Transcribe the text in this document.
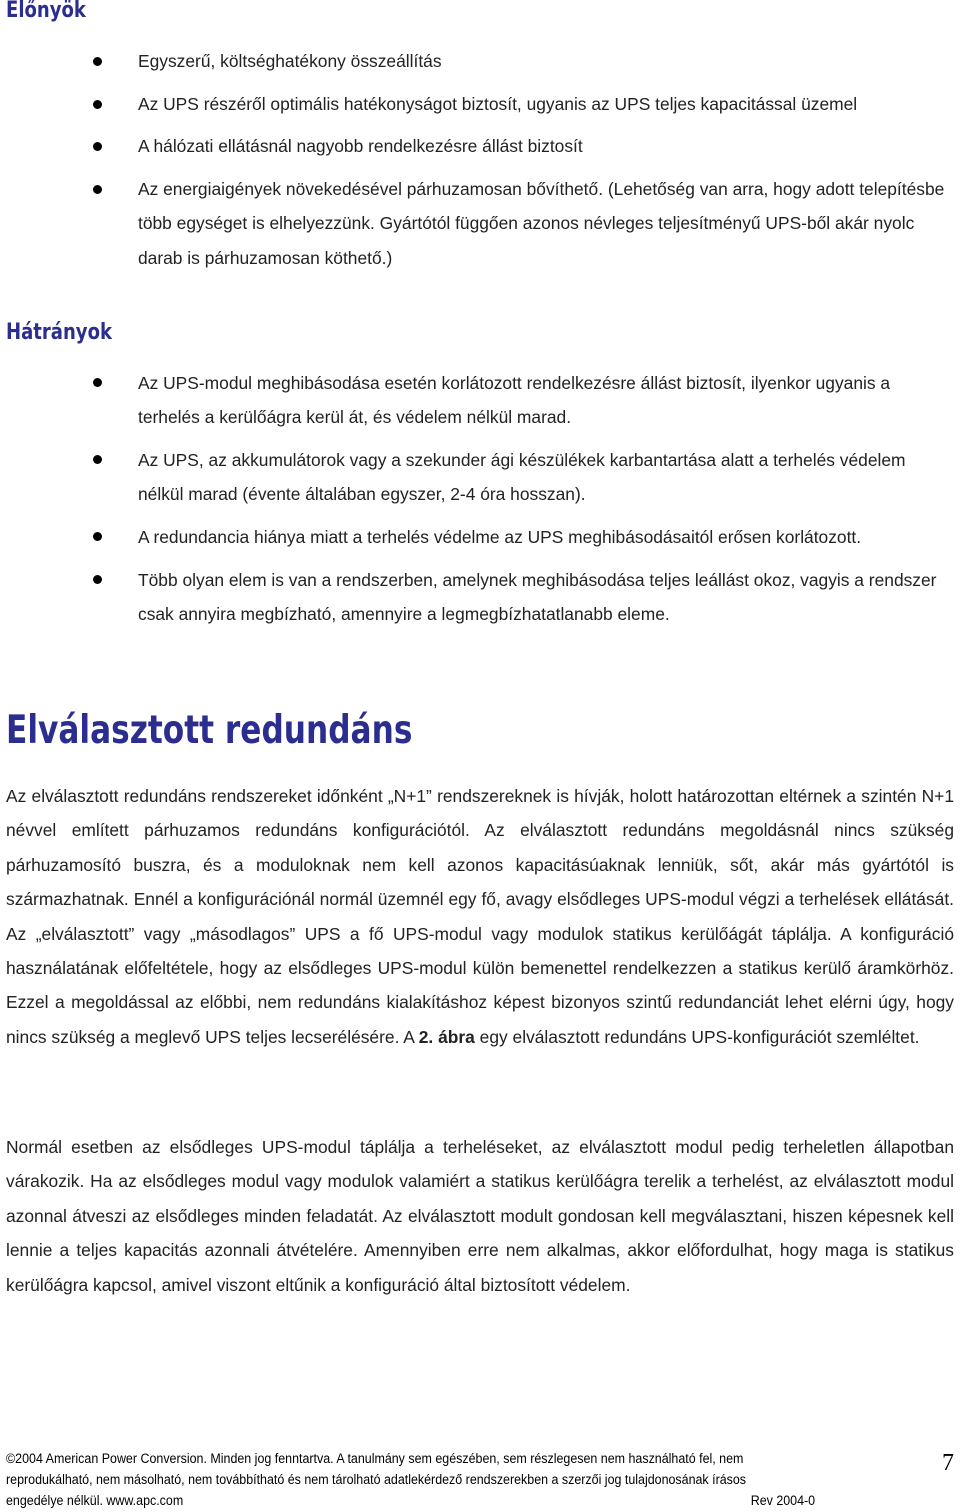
Előnyök
Egyszerű, költséghatékony összeállítás
Az UPS részéről optimális hatékonyságot biztosít, ugyanis az UPS teljes kapacitással üzemel
A hálózati ellátásnál nagyobb rendelkezésre állást biztosít
Az energiaigények növekedésével párhuzamosan bővíthető. (Lehetőség van arra, hogy adott telepítésbe több egységet is elhelyezzünk. Gyártótól függően azonos névleges teljesítményű UPS-ből akár nyolc darab is párhuzamosan köthető.)
Hátrányok
Az UPS-modul meghibásodása esetén korlátozott rendelkezésre állást biztosít, ilyenkor ugyanis a terhelés a kerülőágra kerül át, és védelem nélkül marad.
Az UPS, az akkumulátorok vagy a szekunder ági készülékek karbantartása alatt a terhelés védelem nélkül marad (évente általában egyszer, 2-4 óra hosszan).
A redundancia hiánya miatt a terhelés védelme az UPS meghibásodásaitól erősen korlátozott.
Több olyan elem is van a rendszerben, amelynek meghibásodása teljes leállást okoz, vagyis a rendszer csak annyira megbízható, amennyire a legmegbízhatatlanabb eleme.
Elválasztott redundáns

Az elválasztott redundáns rendszereket időnként „N+1” rendszereknek is hívják, holott határozottan eltérnek a szintén N+1 névvel említett párhuzamos redundáns konfigurációtól. Az elválasztott redundáns megoldásnál nincs szükség párhuzamosító buszra, és a moduloknak nem kell azonos kapacitásúaknak lenniük, sőt, akár más gyártótól is származhatnak. Ennél a konfigurációnál normál üzemnél egy fő, avagy elsődleges UPS-modul végzi a terhelések ellátását. Az „elválasztott” vagy „másodlagos” UPS a fő UPS-modul vagy modulok statikus kerülőágát táplálja. A konfiguráció használatának előfeltétele, hogy az elsődleges UPS-modul külön bemenettel rendelkezzen a statikus kerülő áramkörhöz. Ezzel a megoldással az előbbi, nem redundáns kialakításhoz képest bizonyos szintű redundanciát lehet elérni úgy, hogy nincs szükség a meglevő UPS teljes lecserélésére. A 2. ábra egy elválasztott redundáns UPS-konfigurációt szemléltet.

Normál esetben az elsődleges UPS-modul táplálja a terheléseket, az elválasztott modul pedig terheletlen állapotban várakozik. Ha az elsődleges modul vagy modulok valamiért a statikus kerülőágra terelik a terhelést, az elválasztott modul azonnal átveszi az elsődleges minden feladatát. Az elválasztott modult gondosan kell megválasztani, hiszen képesnek kell lennie a teljes kapacitás azonnali átvételére. Amennyiben erre nem alkalmas, akkor előfordulhat, hogy maga is statikus kerülőágra kapcsol, amivel viszont eltűnik a konfiguráció által biztosított védelem.

©2004 American Power Conversion. Minden jog fenntartva. A tanulmány sem egészében, sem részlegesen nem használható fel, nem
reprodukálható, nem másolható, nem továbbítható és nem tárolható adatlekérdező rendszerekben a szerzői jog tulajdonosának írásos
engedélye nélkül. www.apc.com	Rev 2004-0
7
